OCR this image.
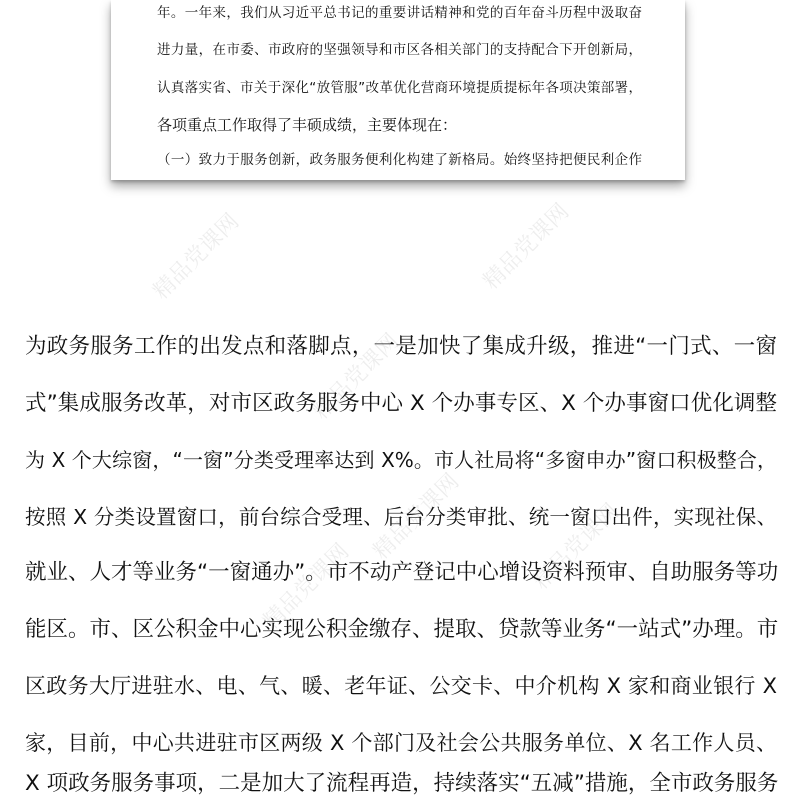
精品党课网	精品党课网
精品党课网
精品党课网	精品党课网
精品党课网
年。一年来，我们从习近平总书记的重要讲话精神和党的百年奋斗历程中汲取奋
进力量，在市委、市政府的坚强领导和市区各相关部门的支持配合下开创新局，
认真落实省、市关于深化“放管服”改革优化营商环境提质提标年各项决策部署，
各项重点工作取得了丰硕成绩，主要体现在：
（一）致力于服务创新，政务服务便利化构建了新格局。始终坚持把便民利企作
为政务服务工作的出发点和落脚点，一是加快了集成升级，推进“一门式、一窗
式”集成服务改革，对市区政务服务中心 X 个办事专区、X 个办事窗口优化调整
为 X 个大综窗，“一窗”分类受理率达到 X%。市人社局将“多窗申办”窗口积极整合，
按照 X 分类设置窗口，前台综合受理、后台分类审批、统一窗口出件，实现社保、
就业、人才等业务“一窗通办”。市不动产登记中心增设资料预审、自助服务等功
能区。市、区公积金中心实现公积金缴存、提取、贷款等业务“一站式”办理。市
区政务大厅进驻水、电、气、暖、老年证、公交卡、中介机构 X 家和商业银行 X
家，目前，中心共进驻市区两级 X 个部门及社会公共服务单位、X 名工作人员、
X 项政务服务事项，二是加大了流程再造，持续落实“五减”措施，全市政务服务
